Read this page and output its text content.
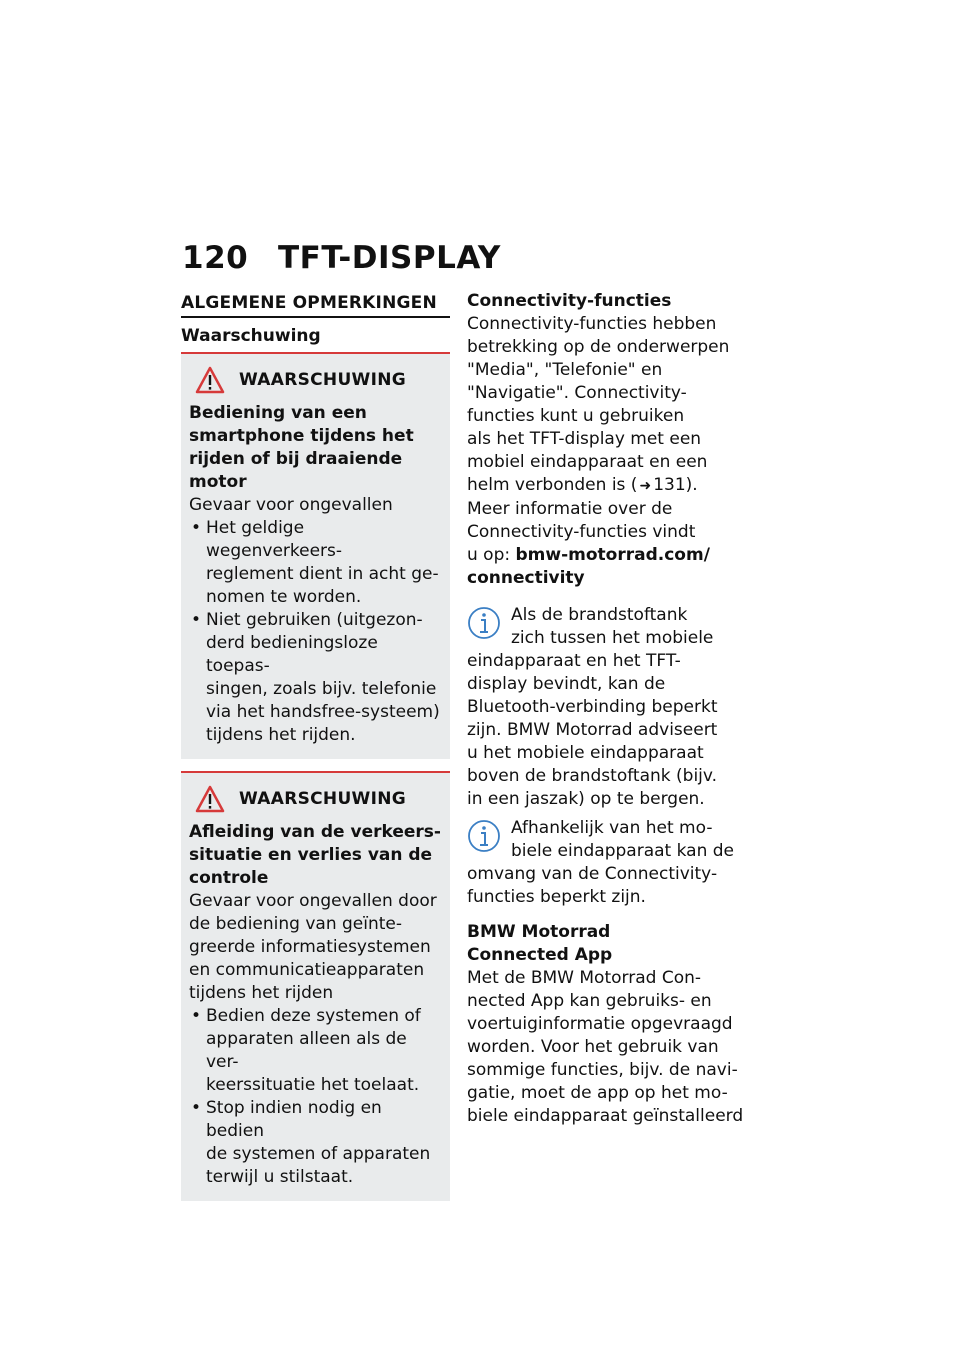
120 TFT-DISPLAY
ALGEMENE OPMERKINGEN
Waarschuwing
WAARSCHUWING
Bediening van een
smartphone tijdens het
rijden of bij draaiende motor
Gevaar voor ongevallen
• Het geldige wegenverkeers-
reglement dient in acht ge-
nomen te worden.
• Niet gebruiken (uitgezon-
derd bedieningsloze toepas-
singen, zoals bijv. telefonie
via het handsfree-systeem)
tijdens het rijden.
WAARSCHUWING
Afleiding van de verkeers-
situatie en verlies van de
controle
Gevaar voor ongevallen door
de bediening van geïnte-
greerde informatiesystemen
en communicatieapparaten
tijdens het rijden
• Bedien deze systemen of
apparaten alleen als de ver-
keerssituatie het toelaat.
• Stop indien nodig en bedien
de systemen of apparaten
terwijl u stilstaat.
Connectivity-functies
Connectivity-functies hebben
betrekking op de onderwerpen
"Media", "Telefonie" en
"Navigatie". Connectivity-
functies kunt u gebruiken
als het TFT-display met een
mobiel eindapparaat en een
helm verbonden is ( ➜ 131).
Meer informatie over de
Connectivity-functies vindt
u op: bmw-motorrad.com/
connectivity
Als de brandstoftank
zich tussen het mobiele
eindapparaat en het TFT-
display bevindt, kan de
Bluetooth-verbinding beperkt
zijn. BMW Motorrad adviseert
u het mobiele eindapparaat
boven de brandstoftank (bijv.
in een jaszak) op te bergen.
Afhankelijk van het mo-
biele eindapparaat kan de
omvang van de Connectivity-
functies beperkt zijn.
BMW Motorrad
Connected App
Met de BMW Motorrad Con-
nected App kan gebruiks- en
voertuiginformatie opgevraagd
worden. Voor het gebruik van
sommige functies, bijv. de navi-
gatie, moet de app op het mo-
biele eindapparaat geïnstalleerd
